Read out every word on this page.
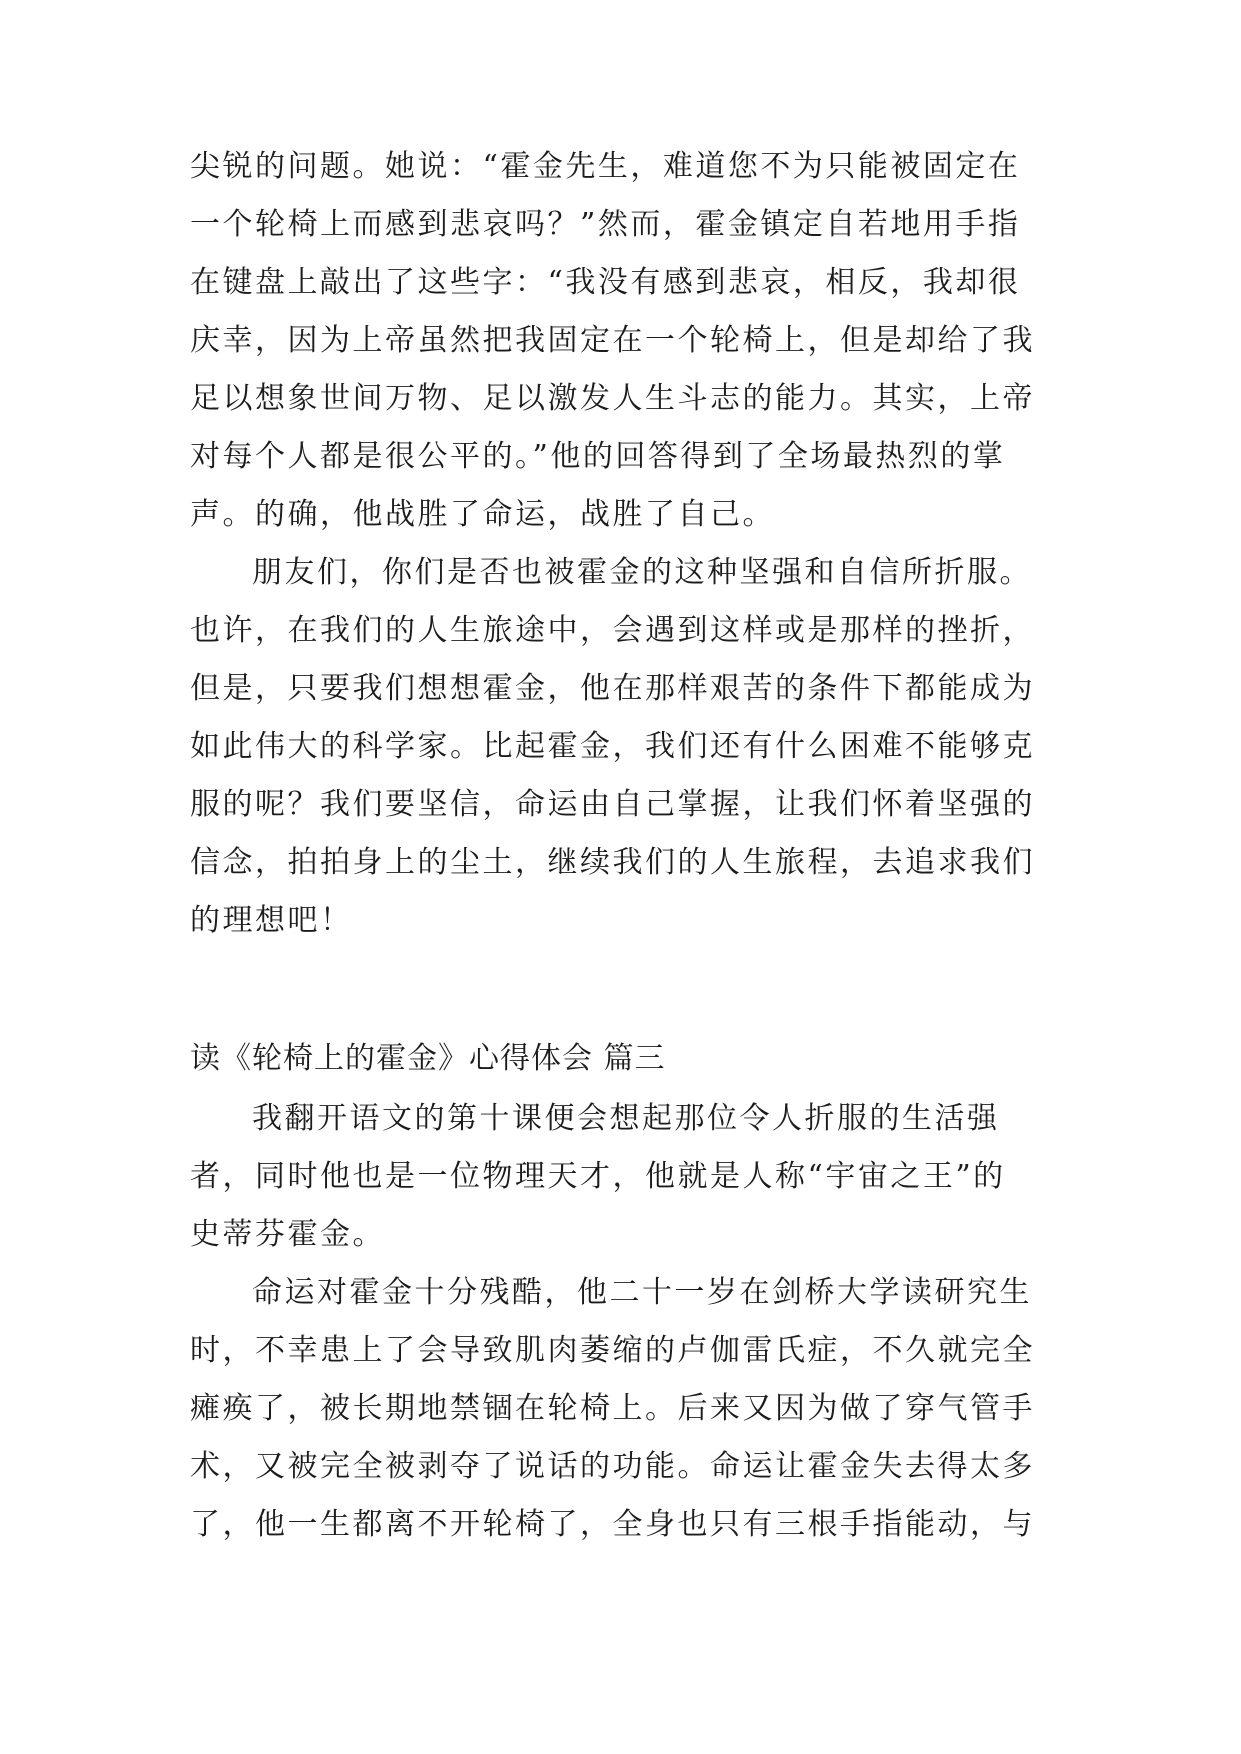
尖锐的问题。她说：“霍金先生，难道您不为只能被固定在
一个轮椅上而感到悲哀吗？”然而，霍金镇定自若地用手指
在键盘上敲出了这些字：“我没有感到悲哀，相反，我却很
庆幸，因为上帝虽然把我固定在一个轮椅上，但是却给了我
足以想象世间万物、足以激发人生斗志的能力。其实，上帝
对每个人都是很公平的。”他的回答得到了全场最热烈的掌
声。的确，他战胜了命运，战胜了自己。
朋友们，你们是否也被霍金的这种坚强和自信所折服。
也许，在我们的人生旅途中，会遇到这样或是那样的挫折，
但是，只要我们想想霍金，他在那样艰苦的条件下都能成为
如此伟大的科学家。比起霍金，我们还有什么困难不能够克
服的呢？我们要坚信，命运由自己掌握，让我们怀着坚强的
信念，拍拍身上的尘土，继续我们的人生旅程，去追求我们
的理想吧！
读《轮椅上的霍金》心得体会 篇三
我翻开语文的第十课便会想起那位令人折服的生活强
者，同时他也是一位物理天才，他就是人称“宇宙之王”的
史蒂芬霍金。
命运对霍金十分残酷，他二十一岁在剑桥大学读研究生
时，不幸患上了会导致肌肉萎缩的卢伽雷氏症，不久就完全
瘫痪了，被长期地禁锢在轮椅上。后来又因为做了穿气管手
术，又被完全被剥夺了说话的功能。命运让霍金失去得太多
了，他一生都离不开轮椅了，全身也只有三根手指能动，与
